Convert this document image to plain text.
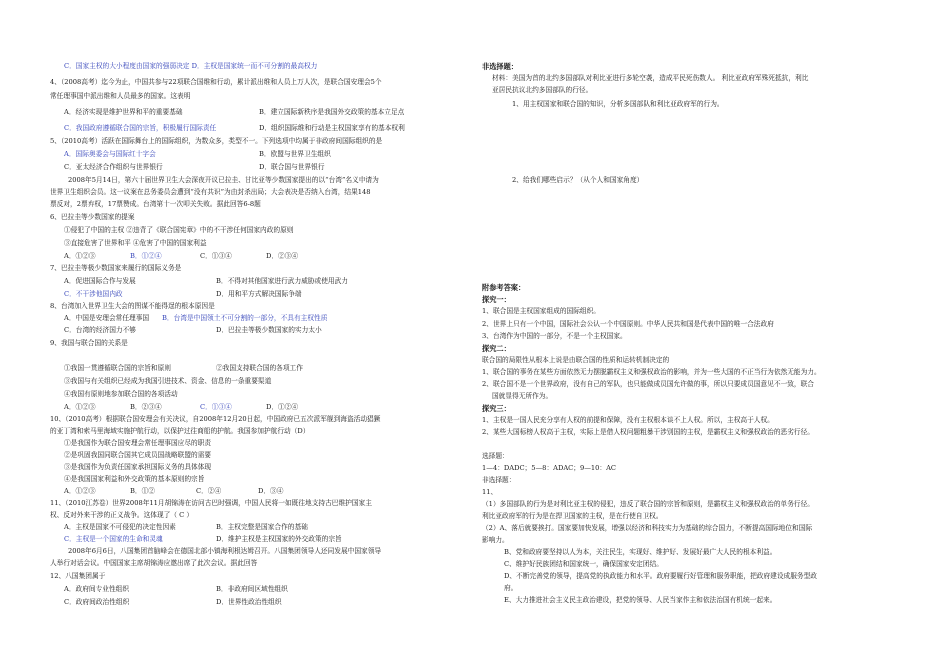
C．国家主权的大小程度由国家的强弱决定 D．主权是国家统一而不可分割的最高权力
4、（2008高考）迄今为止，中国共参与22项联合国维和行动，累计派出维和人员上万人次，是联合国安理会5个
常任理事国中派出维和人员最多的国家。这表明
A．经济实现是维护世界和平的重要基础	B．建立国际新秩序是我国外交政策的基本立足点
C．我国政府遵循联合国的宗旨，积极履行国际责任	D．组织国际维和行动是主权国家享有的基本权利
5、（2010高考）活跃在国际舞台上的国际组织，为数众多，类型不一。下列选项中均属于非政府间国际组织的是
A．国际奥委会与国际红十字会	B．欧盟与世界卫生组织
C．亚太经济合作组织与世界银行	D．联合国与世界银行
2008年5月14日，第六十届世界卫生大会深夜开议已拉圭、甘比亚等少数国家提出的以“台湾”名义申请为
世界卫生组织会员。这一议案在总务委员会遭到“没有共识”为由封杀出局；大会表决是否纳入台湾，结果148
票反对，2票弃权，17票赞成。台湾第十一次叩关失败。据此回答6-8题
6、巴拉圭等少数国家的提案
①侵犯了中国的主权 ②违背了《联合国宪章》中的不干涉任何国家内政的原则
③直接危害了世界和平 ④危害了中国的国家利益
A．①②③	B．①②④	C．①③④	D．②③④
7、巴拉圭等极少数国家来履行的国际义务是
A．促进国际合作与发展	B．不得对其他国家进行武力威胁或使用武力
C．不干涉他国内政	D．用和平方式解决国际争端
8、台湾加入世界卫生大会的图谋不能得逞的根本原因是
A．中国是安理会常任理事国 B．台湾是中国领土不可分割的一部分，不具有主权性质
C．台湾的经济国力不够	D．巴拉圭等极少数国家的实力太小
9、我国与联合国的关系是
①我国一贯遵循联合国的宗旨和原则	②我国支持联合国的各项工作
③我国与有关组织已经成为我国引进技术、资金、信息的一条重要渠道
④我国有原则地参加联合国的各项活动
A．①②③	B．②③④	C．①③④	D．①②④
10、（2010高考）根据联合国安理会有关决议，自2008年12月20日起，中国政府已五次派军舰到海盗活动猖獗
的亚丁湾和索马里海域实施护航行动，以保护过往商船的护航。我国参加护航行动（D）
①是我国作为联合国安理会常任理事国应尽的职责
②是巩固我国同联合国其它成员国战略联盟的需要
③是我国作为负责任国家承担国际义务的具体体现
④是我国国家利益和外交政策的基本原则的宗旨
A．①②③	B．①②	C．②④	D．③④
11、（2010江苏卷）世界2008年11月胡锦涛在访问古巴时强调，中国人民将一如既往地支持古巴维护国家主
权、反对外来干涉的正义战争。这体现了（ C ）
A．主权是国家不可侵犯的决定性因素	B．主权完整是国家合作的基础
C．主权是一个国家的生命和灵魂	D．维护主权是主权国家的外交政策的宗旨
2008年6月6日，八国集团首脑峰会在德国北部小镇海利根达姆召开。八国集团领导人还同发展中国家领导
人举行对话会议。中国国家主席胡锦涛应邀出席了此次会议。据此回答
12、八国集团属于
A．政府间专业性组织	B．非政府间区域性组织
C．政府间政治性组织	D．世界性政治性组织
非选择题：
材料：美国为首的北约多国部队对利比亚进行多轮空袭，造成平民死伤数人。 利比亚政府军殊死抵抗，利比
亚居民抗议北约多国部队的行径。
1、用主权国家和联合国的知识，分析多国部队和利比亚政府军的行为。
2、给我们哪些启示？（从个人和国家角度）
附参考答案：
探究一：
1、联合国是主权国家组成的国际组织。
2、世界上只有一个中国，国际社会公认一个中国原则。中华人民共和国是代表中国的唯一合法政府
3、台湾作为中国的一部分，不是一个主权国家。
探究二：
联合国的局限性从根本上说是由联合国的性质和运转机制决定的
1、联合国的事务在某些方面依然无力摆脱霸权主义和强权政治的影响，并为一些大国的不正当行为依然无能为力。
2、联合国不是一个世界政府，没有自己的军队，也只能做成员国允许做的事，所以只要成员国意见不一致，联合
国就显得无所作为。
探究三：
1、主权是一国人民充分享有人权的前提和保障，没有主权根本谈不上人权。所以，主权高于人权。
2、某些大国标榜人权高于主权，实际上是借人权问题粗暴干涉别国的主权，是霸权主义和强权政治的恶劣行径。
选择题：
1—4：DADC；5—8：ADAC；9—10：AC
非选择题：
11、
（1）多国部队的行为是对利比亚主权的侵犯，违反了联合国的宗旨和原则，是霸权主义和强权政治的单务行径。
利比亚政府军的行为是在捍卫国家的主权，是在行使自卫权。
（2）A、落后就要挨打。国家要加快发展，增强以经济和科技实力为基础的综合国力，不断提高国际地位和国际
影响力。
B、党和政府要坚持以人为本，关注民生，实现好、维护好、发展好最广大人民的根本利益。
C、维护好民族团结和国家统一，确保国家安定团结。
D、不断完善党的领导，提高党的执政能力和水平。政府要履行好管理和服务职能，把政府建设成服务型政
府。
E、大力推进社会主义民主政治建设，把党的领导、人民当家作主和依法治国有机统一起来。
